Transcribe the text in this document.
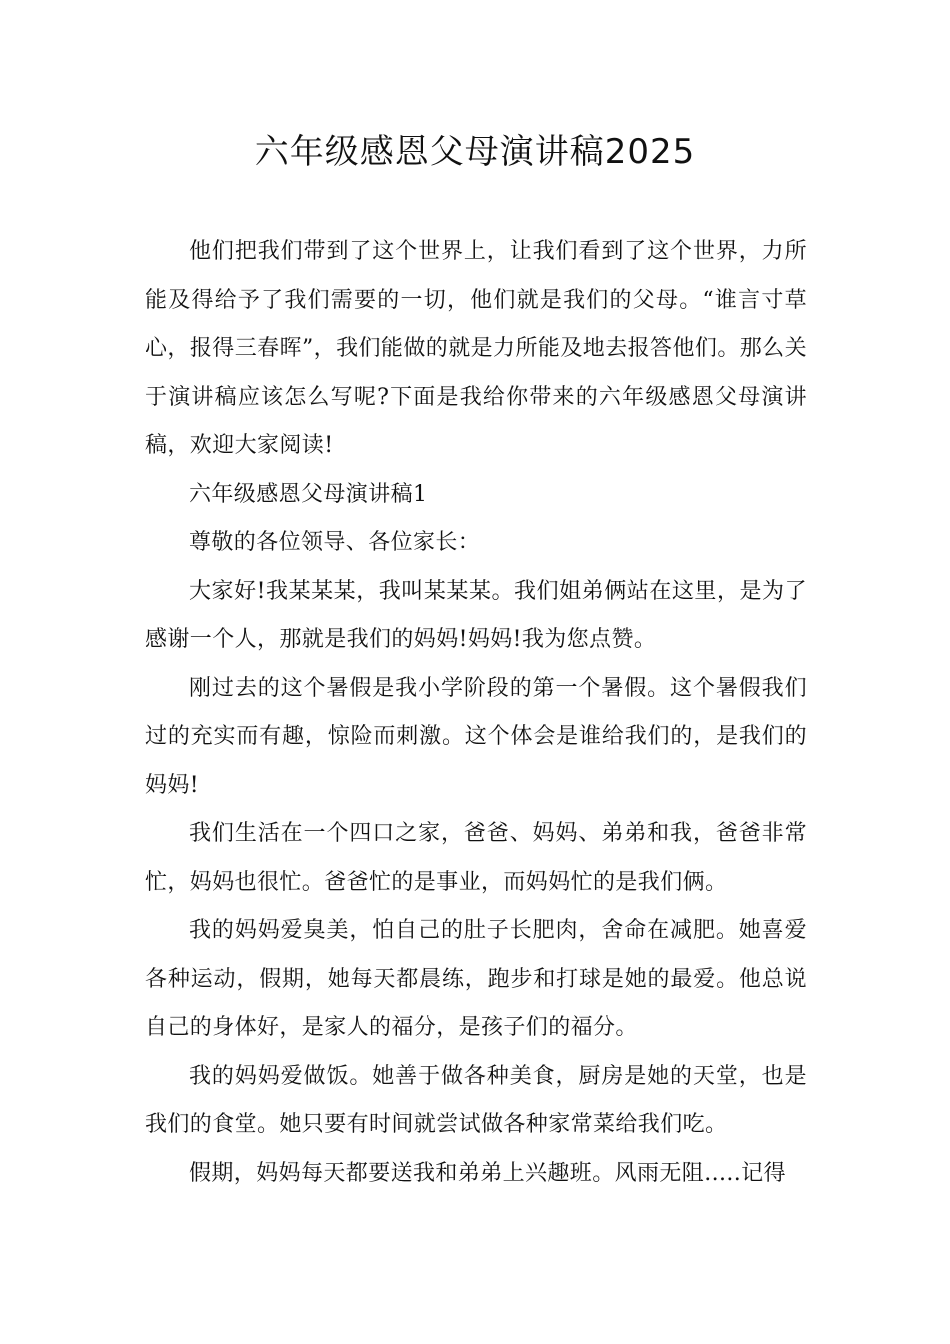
六年级感恩父母演讲稿2025

他们把我们带到了这个世界上，让我们看到了这个世界，力所能及得给予了我们需要的一切，他们就是我们的父母。“谁言寸草心，报得三春晖”，我们能做的就是力所能及地去报答他们。那么关于演讲稿应该怎么写呢?下面是我给你带来的六年级感恩父母演讲稿，欢迎大家阅读!

六年级感恩父母演讲稿1

尊敬的各位领导、各位家长：

大家好!我某某某，我叫某某某。我们姐弟俩站在这里，是为了感谢一个人，那就是我们的妈妈!妈妈!我为您点赞。

刚过去的这个暑假是我小学阶段的第一个暑假。这个暑假我们过的充实而有趣，惊险而刺激。这个体会是谁给我们的，是我们的妈妈!

我们生活在一个四口之家，爸爸、妈妈、弟弟和我，爸爸非常忙，妈妈也很忙。爸爸忙的是事业，而妈妈忙的是我们俩。

我的妈妈爱臭美，怕自己的肚子长肥肉，舍命在减肥。她喜爱各种运动，假期，她每天都晨练，跑步和打球是她的最爱。他总说自己的身体好，是家人的福分，是孩子们的福分。

我的妈妈爱做饭。她善于做各种美食，厨房是她的天堂，也是我们的食堂。她只要有时间就尝试做各种家常菜给我们吃。

假期，妈妈每天都要送我和弟弟上兴趣班。风雨无阻.....记得
